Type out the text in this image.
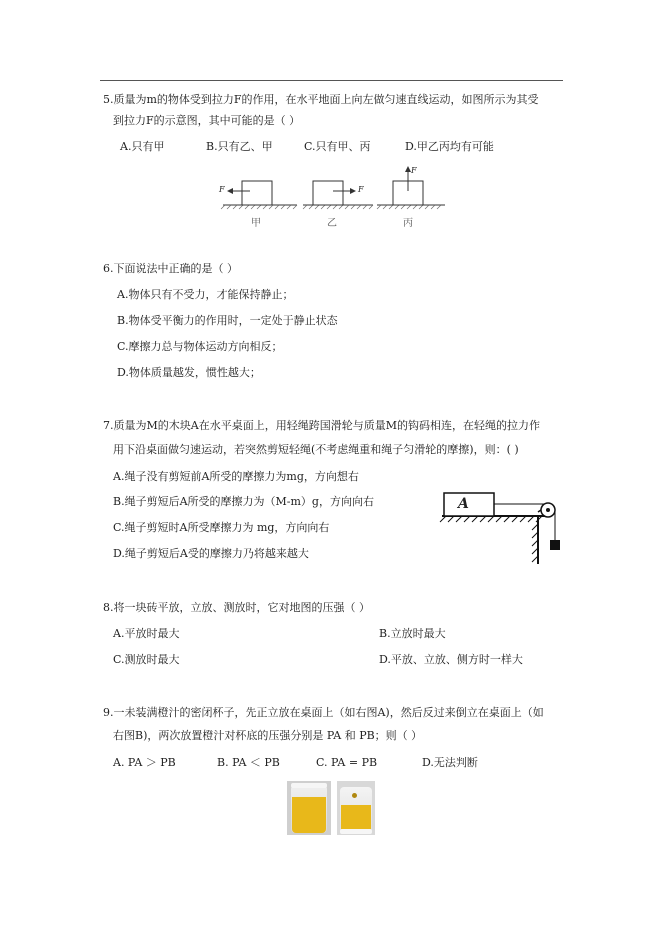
5.质量为m的物体受到拉力F的作用，在水平地面上向左做匀速直线运动，如图所示为其受
到拉力F的示意图，其中可能的是（ ）
A.只有甲	B.只有乙、甲	C.只有甲、丙	D.甲乙丙均有可能
F	F
F
甲	乙	丙
6.下面说法中正确的是（ ）
A.物体只有不受力，才能保持静止；
B.物体受平衡力的作用时，一定处于静止状态
C.摩擦力总与物体运动方向相反；
D.物体质量越发，惯性越大；
7.质量为M的木块A在水平桌面上，用轻绳跨国滑轮与质量M的钩码相连，在轻绳的拉力作
用下沿桌面做匀速运动，若突然剪短轻绳(不考虑绳重和绳子匀滑轮的摩擦)，则：( )
A.绳子没有剪短前A所受的摩擦力为mg，方向想右
B.绳子剪短后A所受的摩擦力为（M-m）g，方向向右
C.绳子剪短时A所受摩擦力为 mg，方向向右
D.绳子剪短后A受的摩擦力乃将越来越大
A
8.将一块砖平放，立放、测放时，它对地图的压强（ ）
A.平放时最大	B.立放时最大
C.测放时最大	D.平放、立放、侧方时一样大
9.一未装满橙汁的密闭杯子，先正立放在桌面上（如右图A)，然后反过来倒立在桌面上（如
右图B)，两次放置橙汁对杯底的压强分别是 PA 和 PB；则（ ）
A. PA ＞ PB	B. PA ＜ PB	C. PA = PB	D.无法判断
